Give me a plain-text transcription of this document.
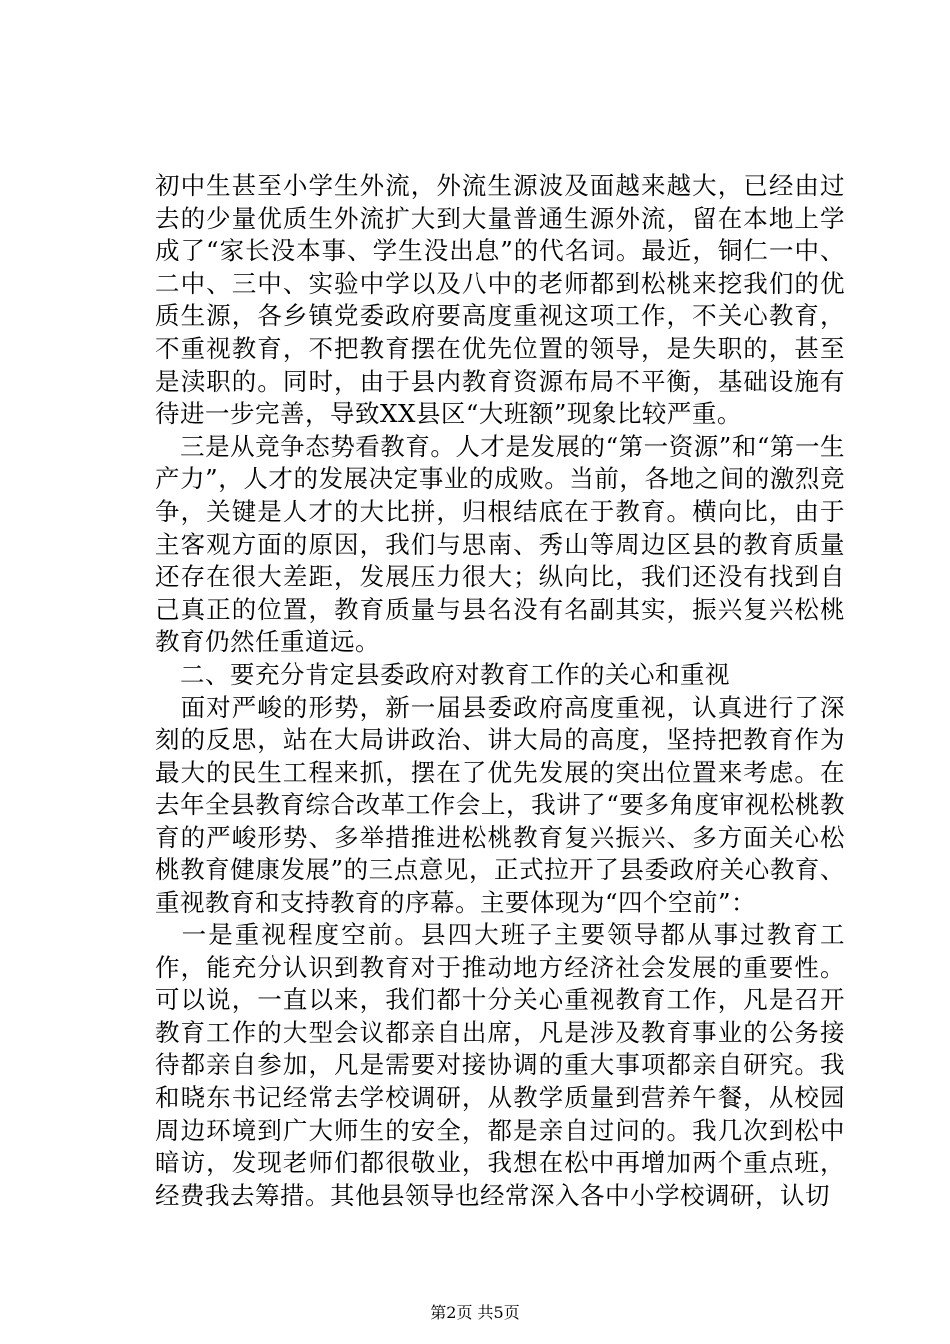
初中生甚至小学生外流，外流生源波及面越来越大，已经由过去的少量优质生外流扩大到大量普通生源外流，留在本地上学成了“家长没本事、学生没出息”的代名词。最近，铜仁一中、二中、三中、实验中学以及八中的老师都到松桃来挖我们的优质生源，各乡镇党委政府要高度重视这项工作，不关心教育，不重视教育，不把教育摆在优先位置的领导，是失职的，甚至是渎职的。同时，由于县内教育资源布局不平衡，基础设施有待进一步完善，导致XX县区“大班额”现象比较严重。

　三是从竞争态势看教育。人才是发展的“第一资源”和“第一生产力”，人才的发展决定事业的成败。当前，各地之间的激烈竞争，关键是人才的大比拼，归根结底在于教育。横向比，由于主客观方面的原因，我们与思南、秀山等周边区县的教育质量还存在很大差距，发展压力很大；纵向比，我们还没有找到自己真正的位置，教育质量与县名没有名副其实，振兴复兴松桃教育仍然任重道远。

　二、要充分肯定县委政府对教育工作的关心和重视

　面对严峻的形势，新一届县委政府高度重视，认真进行了深刻的反思，站在大局讲政治、讲大局的高度，坚持把教育作为最大的民生工程来抓，摆在了优先发展的突出位置来考虑。在去年全县教育综合改革工作会上，我讲了“要多角度审视松桃教育的严峻形势、多举措推进松桃教育复兴振兴、多方面关心松桃教育健康发展”的三点意见，正式拉开了县委政府关心教育、重视教育和支持教育的序幕。主要体现为“四个空前”：

　一是重视程度空前。县四大班子主要领导都从事过教育工作，能充分认识到教育对于推动地方经济社会发展的重要性。可以说，一直以来，我们都十分关心重视教育工作，凡是召开教育工作的大型会议都亲自出席，凡是涉及教育事业的公务接待都亲自参加，凡是需要对接协调的重大事项都亲自研究。我和晓东书记经常去学校调研，从教学质量到营养午餐，从校园周边环境到广大师生的安全，都是亲自过问的。我几次到松中暗访，发现老师们都很敬业，我想在松中再增加两个重点班，经费我去筹措。其他县领导也经常深入各中小学校调研，认切

第2页 共5页
